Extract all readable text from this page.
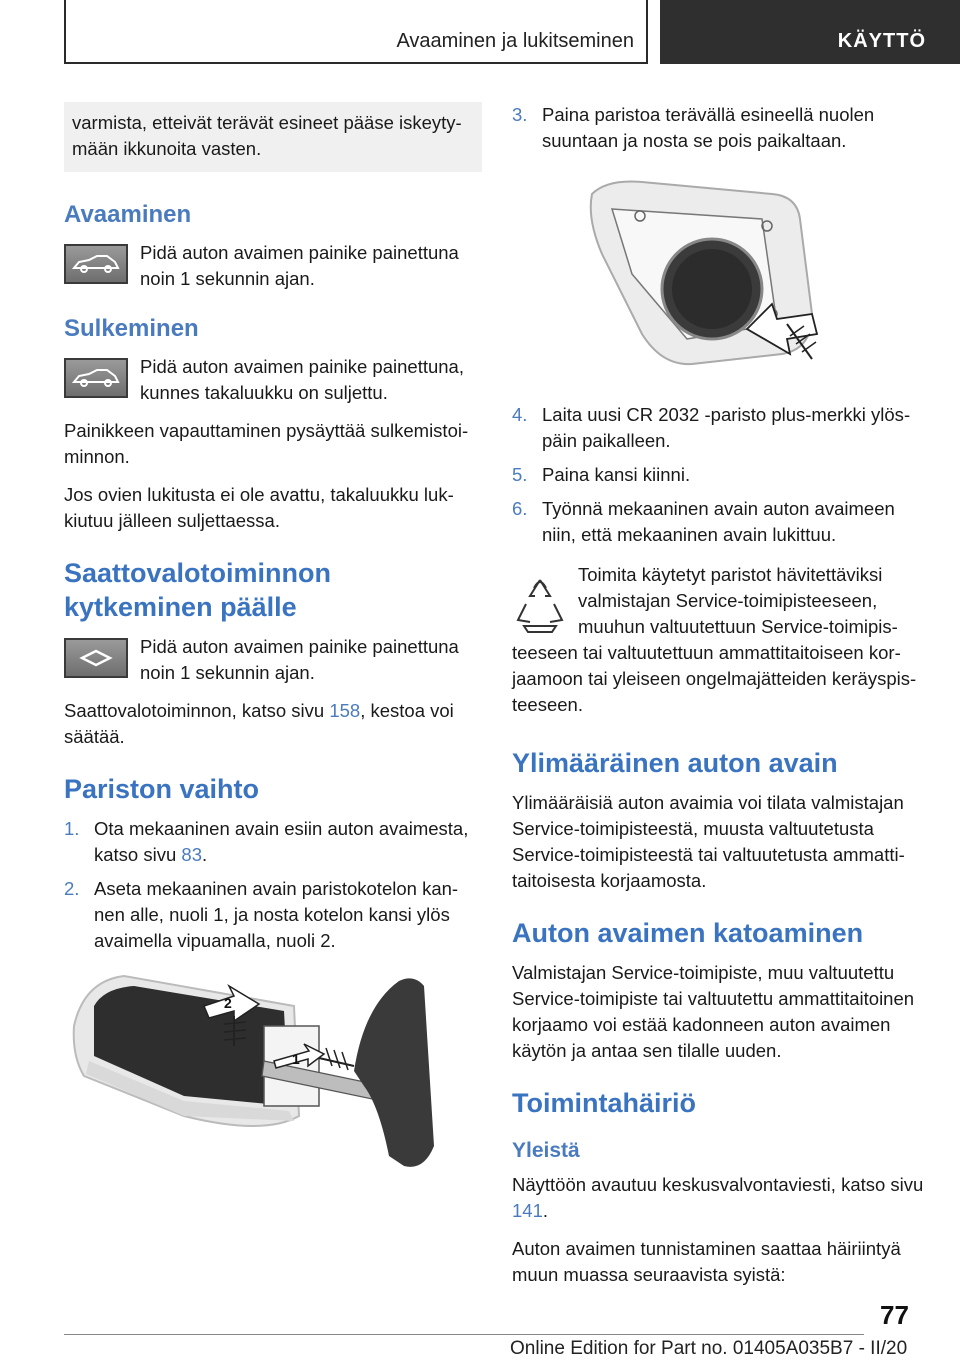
Avaaminen ja lukitseminen	KÄYTTÖ

varmista, etteivät terävät esineet pääse iskeytymään ikkunoita vasten.

Avaaminen

Pidä auton avaimen painike painettuna noin 1 sekunnin ajan.

Sulkeminen

Pidä auton avaimen painike painettuna, kunnes takaluukku on suljettu.

Painikkeen vapauttaminen pysäyttää sulkemistoiminnon.

Jos ovien lukitusta ei ole avattu, takaluukku lukkiutuu jälleen suljettaessa.

Saattovalotoiminnon kytkeminen päälle

Pidä auton avaimen painike painettuna noin 1 sekunnin ajan.

Saattovalotoiminnon, katso sivu 158, kestoa voi säätää.

Pariston vaihto
1. Ota mekaaninen avain esiin auton avaimesta, katso sivu 83.
2. Aseta mekaaninen avain paristokotelon kannen alle, nuoli 1, ja nosta kotelon kansi ylös avaimella vipuamalla, nuoli 2.
1
2
3. Paina paristoa terävällä esineellä nuolen suuntaan ja nosta se pois paikaltaan.
4. Laita uusi CR 2032 -paristo plus-merkki ylöspäin paikalleen.
5. Paina kansi kiinni.
6. Työnnä mekaaninen avain auton avaimeen niin, että mekaaninen avain lukittuu.

Toimita käytetyt paristot hävitettäviksi valmistajan Service-toimipisteeseen, muuhun valtuutettuun Service-toimipisteeseen tai valtuutettuun ammattitaitoiseen korjaamoon tai yleiseen ongelmajätteiden keräyspisteeseen.

Ylimääräinen auton avain

Ylimääräisiä auton avaimia voi tilata valmistajan Service-toimipisteestä, muusta valtuutetusta Service-toimipisteestä tai valtuutetusta ammattitaitoisesta korjaamosta.

Auton avaimen katoaminen

Valmistajan Service-toimipiste, muu valtuutettu Service-toimipiste tai valtuutettu ammattitaitoinen korjaamo voi estää kadonneen auton avaimen käytön ja antaa sen tilalle uuden.

Toimintahäiriö
Yleistä

Näyttöön avautuu keskusvalvontaviesti, katso sivu 141.

Auton avaimen tunnistaminen saattaa häiriintyä muun muassa seuraavista syistä:

77
Online Edition for Part no. 01405A035B7 - II/20
